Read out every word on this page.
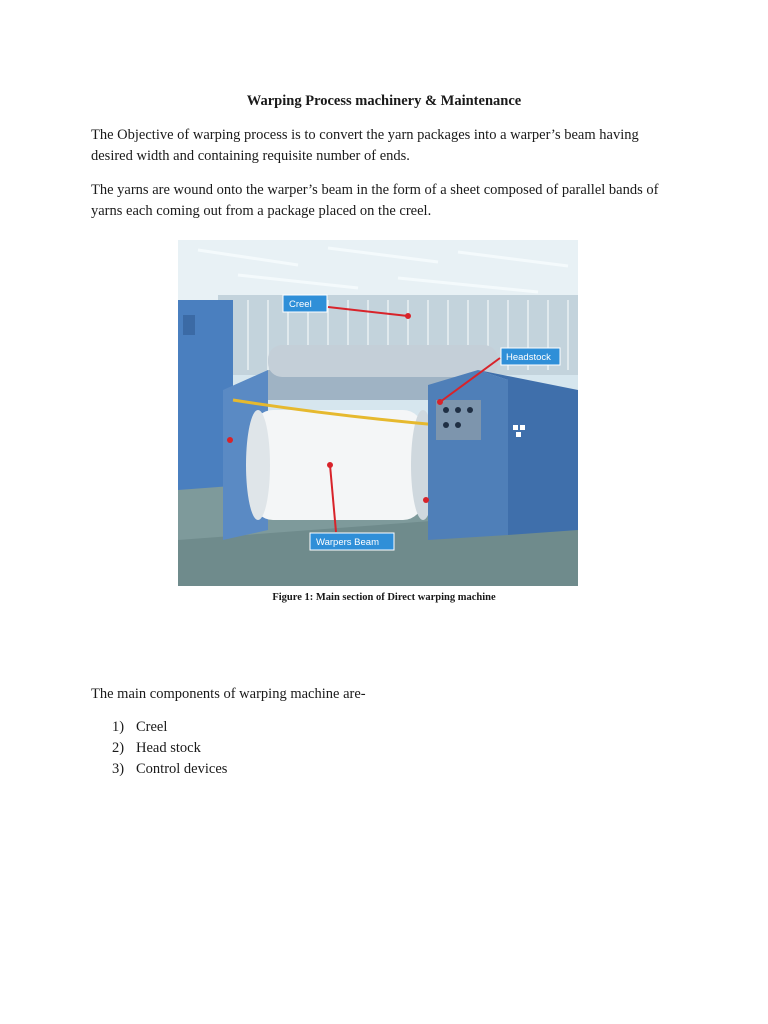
Warping Process machinery & Maintenance

The Objective of warping process is to convert the yarn packages into a warper’s beam having desired width and containing requisite number of ends.

The yarns are wound onto the warper’s beam in the form of a sheet composed of parallel bands of yarns each coming out from a package placed on the creel.

Creel
Headstock
Warpers Beam
Figure 1: Main section of Direct warping machine
The main components of warping machine are-
1) Creel
2) Head stock
3) Control devices
